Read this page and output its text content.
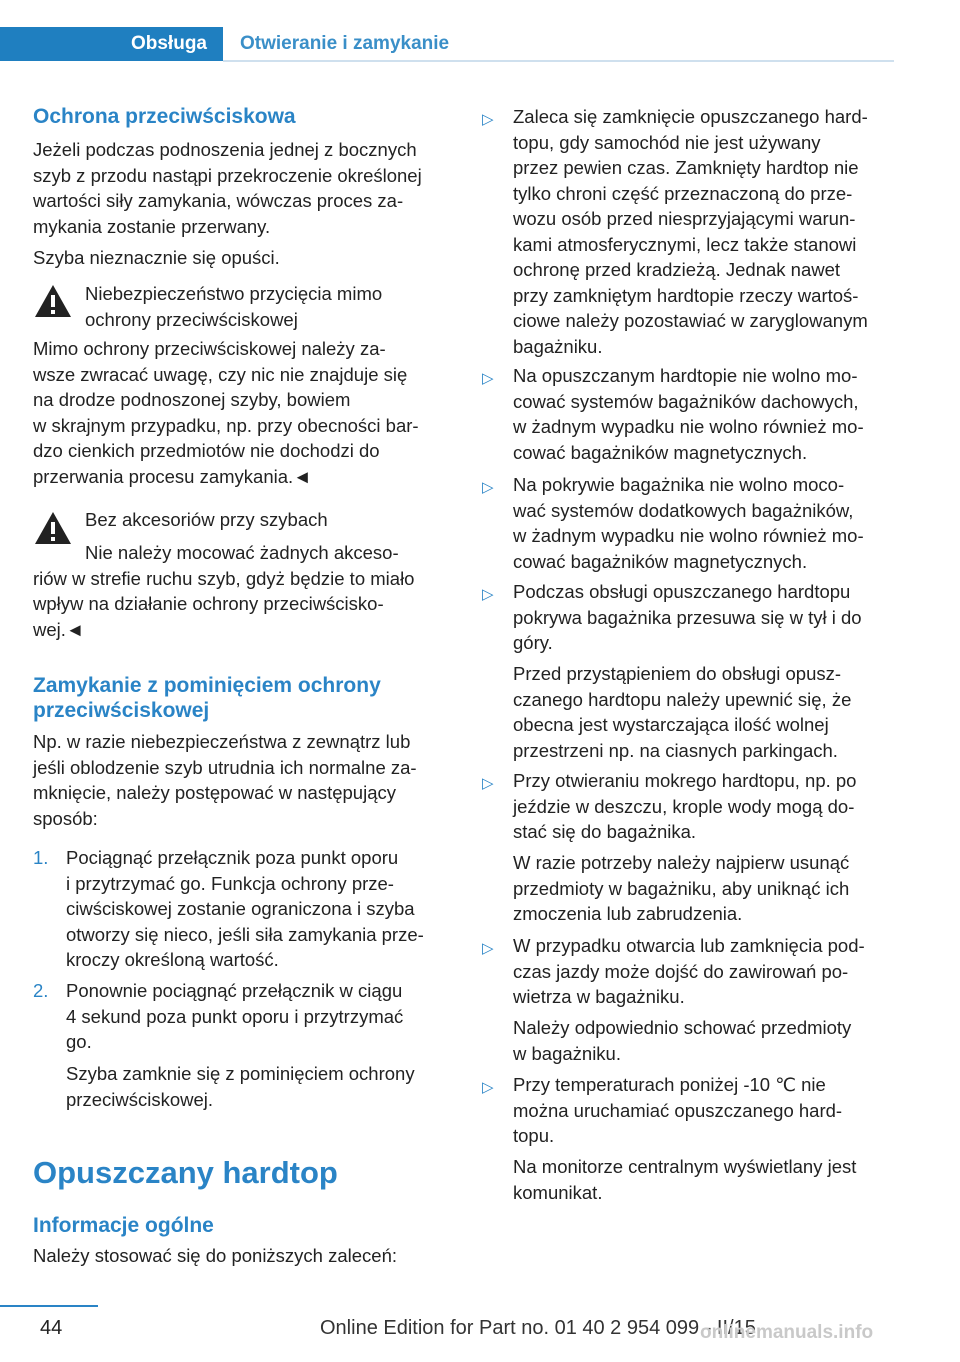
Obsługa	Otwieranie i zamykanie
Ochrona przeciwściskowa
Jeżeli podczas podnoszenia jednej z bocznych
szyb z przodu nastąpi przekroczenie określonej
wartości siły zamykania, wówczas proces za-
mykania zostanie przerwany.
Szyba nieznacznie się opuści.
Niebezpieczeństwo przycięcia mimo
ochrony przeciwściskowej
Mimo ochrony przeciwściskowej należy za-
wsze zwracać uwagę, czy nic nie znajduje się
na drodze podnoszonej szyby, bowiem
w skrajnym przypadku, np. przy obecności bar-
dzo cienkich przedmiotów nie dochodzi do
przerwania procesu zamykania.◄
Bez akcesoriów przy szybach
Nie należy mocować żadnych akceso-
riów w strefie ruchu szyb, gdyż będzie to miało
wpływ na działanie ochrony przeciwścisko-
wej.◄
Zamykanie z pominięciem ochrony
przeciwściskowej
Np. w razie niebezpieczeństwa z zewnątrz lub
jeśli oblodzenie szyb utrudnia ich normalne za-
mknięcie, należy postępować w następujący
sposób:
1. Pociągnąć przełącznik poza punkt oporu
i przytrzymać go. Funkcja ochrony prze-
ciwściskowej zostanie ograniczona i szyba
otworzy się nieco, jeśli siła zamykania prze-
kroczy określoną wartość.
2. Ponownie pociągnąć przełącznik w ciągu
4 sekund poza punkt oporu i przytrzymać
go.
Szyba zamknie się z pominięciem ochrony
przeciwściskowej.
Opuszczany hardtop
Informacje ogólne
Należy stosować się do poniższych zaleceń:
▷ Zaleca się zamknięcie opuszczanego hard-
topu, gdy samochód nie jest używany
przez pewien czas. Zamknięty hardtop nie
tylko chroni część przeznaczoną do prze-
wozu osób przed niesprzyjającymi warun-
kami atmosferycznymi, lecz także stanowi
ochronę przed kradzieżą. Jednak nawet
przy zamkniętym hardtopie rzeczy wartoś-
ciowe należy pozostawiać w zaryglowanym
bagażniku.
▷ Na opuszczanym hardtopie nie wolno mo-
cować systemów bagażników dachowych,
w żadnym wypadku nie wolno również mo-
cować bagażników magnetycznych.
▷ Na pokrywie bagażnika nie wolno moco-
wać systemów dodatkowych bagażników,
w żadnym wypadku nie wolno również mo-
cować bagażników magnetycznych.
▷ Podczas obsługi opuszczanego hardtopu
pokrywa bagażnika przesuwa się w tył i do
góry.
Przed przystąpieniem do obsługi opusz-
czanego hardtopu należy upewnić się, że
obecna jest wystarczająca ilość wolnej
przestrzeni np. na ciasnych parkingach.
▷ Przy otwieraniu mokrego hardtopu, np. po
jeździe w deszczu, krople wody mogą do-
stać się do bagażnika.
W razie potrzeby należy najpierw usunąć
przedmioty w bagażniku, aby uniknąć ich
zmoczenia lub zabrudzenia.
▷ W przypadku otwarcia lub zamknięcia pod-
czas jazdy może dojść do zawirowań po-
wietrza w bagażniku.
Należy odpowiednio schować przedmioty
w bagażniku.
▷ Przy temperaturach poniżej -10 ℃ nie
można uruchamiać opuszczanego hard-
topu.
Na monitorze centralnym wyświetlany jest
komunikat.
44	Online Edition for Part no. 01 40 2 954 099 - II/15
onlinemanuals.info
